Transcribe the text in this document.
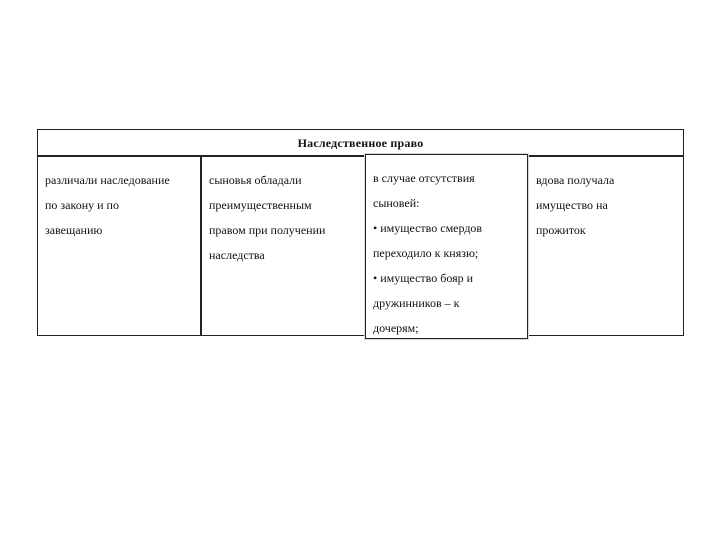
Наследственное право
различали наследование
по закону и по
завещанию
сыновья обладали
преимущественным
правом при получении
наследства
в случае отсутствия
сыновей:
• имущество смердов
переходило к князю;
• имущество бояр и
дружинников – к
дочерям;
вдова получала
имущество на
прожиток
